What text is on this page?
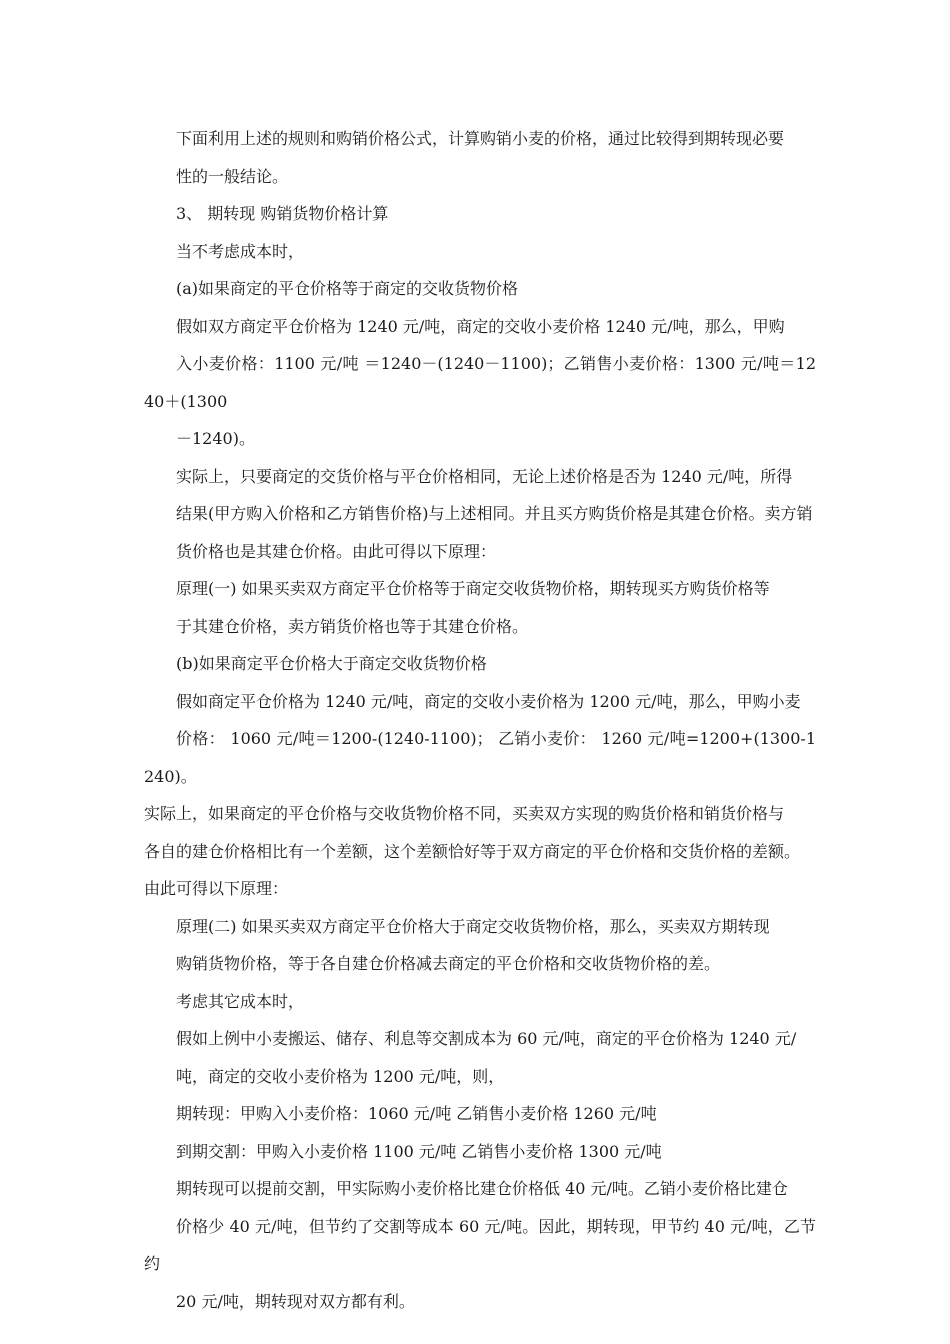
下面利用上述的规则和购销价格公式，计算购销小麦的价格，通过比较得到期转现必要
性的一般结论。

3、 期转现 购销货物价格计算

当不考虑成本时，

(a)如果商定的平仓价格等于商定的交收货物价格

假如双方商定平仓价格为 1240 元/吨，商定的交收小麦价格 1240 元/吨，那么，甲购
入小麦价格：1100 元/吨 ＝1240－(1240－1100)；乙销售小麦价格：1300 元/吨＝1240＋(1300
－1240)。

实际上，只要商定的交货价格与平仓价格相同，无论上述价格是否为 1240 元/吨，所得
结果(甲方购入价格和乙方销售价格)与上述相同。并且买方购货价格是其建仓价格。卖方销
货价格也是其建仓价格。由此可得以下原理：

原理(一) 如果买卖双方商定平仓价格等于商定交收货物价格，期转现买方购货价格等
于其建仓价格，卖方销货价格也等于其建仓价格。

(b)如果商定平仓价格大于商定交收货物价格

假如商定平仓价格为 1240 元/吨，商定的交收小麦价格为 1200 元/吨，那么，甲购小麦
价格： 1060 元/吨＝1200-(1240-1100)； 乙销小麦价： 1260 元/吨=1200+(1300-1240)。

实际上，如果商定的平仓价格与交收货物价格不同，买卖双方实现的购货价格和销货价格与
各自的建仓价格相比有一个差额，这个差额恰好等于双方商定的平仓价格和交货价格的差额。
由此可得以下原理：

原理(二) 如果买卖双方商定平仓价格大于商定交收货物价格，那么，买卖双方期转现
购销货物价格，等于各自建仓价格减去商定的平仓价格和交收货物价格的差。

考虑其它成本时，

假如上例中小麦搬运、储存、利息等交割成本为 60 元/吨，商定的平仓价格为 1240 元/
吨，商定的交收小麦价格为 1200 元/吨，则，

期转现：甲购入小麦价格：1060 元/吨 乙销售小麦价格 1260 元/吨

到期交割：甲购入小麦价格 1100 元/吨 乙销售小麦价格 1300 元/吨

期转现可以提前交割，甲实际购小麦价格比建仓价格低 40 元/吨。乙销小麦价格比建仓
价格少 40 元/吨，但节约了交割等成本 60 元/吨。因此，期转现，甲节约 40 元/吨，乙节约
20 元/吨，期转现对双方都有利。
